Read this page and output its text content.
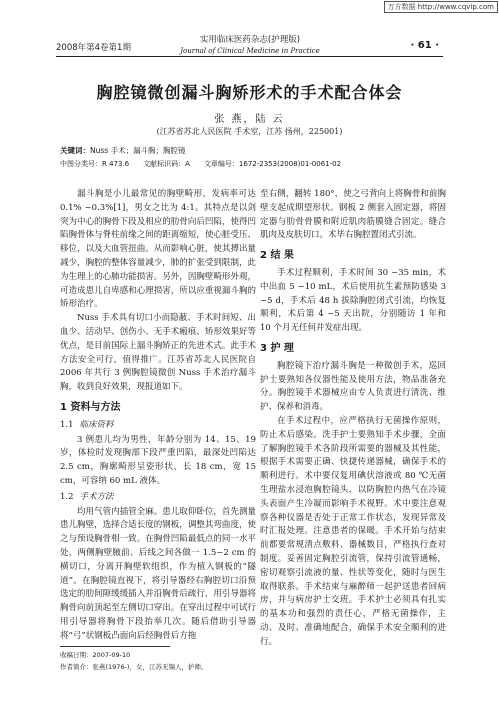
万方数据 http://www.cqvip.com
2008年第4卷第1期
实用临床医药杂志(护理版)
Journal of Clinical Medicine in Practice	· 61 ·
胸腔镜微创漏斗胸矫形术的手术配合体会
张 燕，陆 云
(江苏省苏北人民医院 手术室，江苏 扬州，225001)
关键词：Nuss 手术；漏斗胸；胸腔镜
中图分类号：R 473.6 文献标识码：A 文章编号：1672-2353(2008)01-0061-02

漏斗胸是小儿最常见的胸壁畸形，发病率可达 0.1% ~0.3%[1]，男女之比为 4:1。其特点是以剑突为中心的胸骨下段及相应的肋骨向后凹陷，使得凹陷胸骨体与脊柱前缘之间的距离缩短，使心脏受压、移位，以及大血管扭曲。从而影响心脏，使其搏出量减少，胸腔的整体容量减少，肺的扩张受到限制，此为生理上的心肺功能损害。另外，因胸壁畸形外观，可造成患儿自卑感和心理损害，所以应重视漏斗胸的矫形治疗。

Nuss 手术具有切口小而隐蔽、手术时间短、出血少、活动早、创伤小、无手术瘢痕、矫形效果好等优点，是目前国际上漏斗胸矫正的先进术式。此手术方法安全可行，值得推广。江苏省苏北人民医院自 2006 年共行 3 例胸腔镜微创 Nuss 手术治疗漏斗胸，收到良好效果，现报道如下。

1 资料与方法
1.1 临床资料

3 例患儿均为男性，年龄分别为 14、15、19岁，体检时发现胸部下段严重凹陷，最深处凹陷达2.5 cm，胸廓畸形呈姿形状，长 18 cm，宽 15 cm，可容纳 60 mL 液体。

1.2 手术方法

均用气管内插管全麻。患儿取仰卧位，首先测量患儿胸壁，选择合适长度的钢板，调整其弯曲度，使之与预设胸骨相一致。在胸骨凹陷最低点的同一水平处，两侧胸壁腋前、后线之间各做一 1.5~2 cm 的横切口，分离开胸壁软组织，作为植入钢板的“隧道”。在胸腔镜直视下，将引导器经右胸腔切口沿预选定的肋间隙缓缓插入并沿胸骨后疏行，用引导器将胸骨向前顶起至左侧切口穿出。在穿出过程中可试行用引导器将胸骨下段抬举几次。随后借助引导器将“弓”状钢板凸面向后经胸骨后方拖

至右侧，翻转 180°，使之弓背向上将胸骨和前胸壁支起成期望形状。钢板 2 侧套入固定器，将固定器与肋骨骨膜和附近肌肉筋膜缝合固定。缝合肌肉及皮肤切口。术毕右胸腔置闭式引流。

2 结 果

手术过程顺利，手术时间 30 ~35 min，术中出血 5 ~10 mL，术后使用抗生素预防感染 3 ~5 d，手术后 48 h 拔除胸腔闭式引流，均恢复顺利，术后第 4 ~5 天出院，分别随访 1 年和 10 个月无任何并发症出现。

3 护 理

胸腔镜下治疗漏斗胸是一种微创手术，巡回护士要熟知各仪器性能及使用方法，物品准备充分。胸腔镜手术器械应由专人负责进行清洗、维护、保养和消毒。

在手术过程中，应严格执行无菌操作原则，防止术后感染。洗手护士要熟知手术步骤，全面了解胸腔镜手术各阶段所需要的器械及其性能，根据手术需要正确、快捷传递器械，确保手术的顺利进行。术中要仅复用碘伏溶液或 80 ℃无菌生理盐水浸泡胸腔镜头，以防胸腔内热气在冷镜头表面产生冷凝而影响手术视野。术中要注意观察各种仪器是否处于正常工作状态，发现异常及时汇报处理。注意患者的保暖。手术开始与结束前都要常规清点敷料、器械数目，严格执行查对制度。妥善固定胸腔引流管，保持引流管通畅，密切观察引流液的量、性状等变化，随时与医生取得联系。手术结束与麻醉师一起护送患者回病房，并与病房护士交班。手术护士必须具有扎实的基本功和强烈的责任心，严格无菌操作，主动、及时、准确地配合，确保手术安全顺利的进行。

收稿日期：2007-09-10
作者简介：张燕(1976-)，女，江苏无锡人，护师。
